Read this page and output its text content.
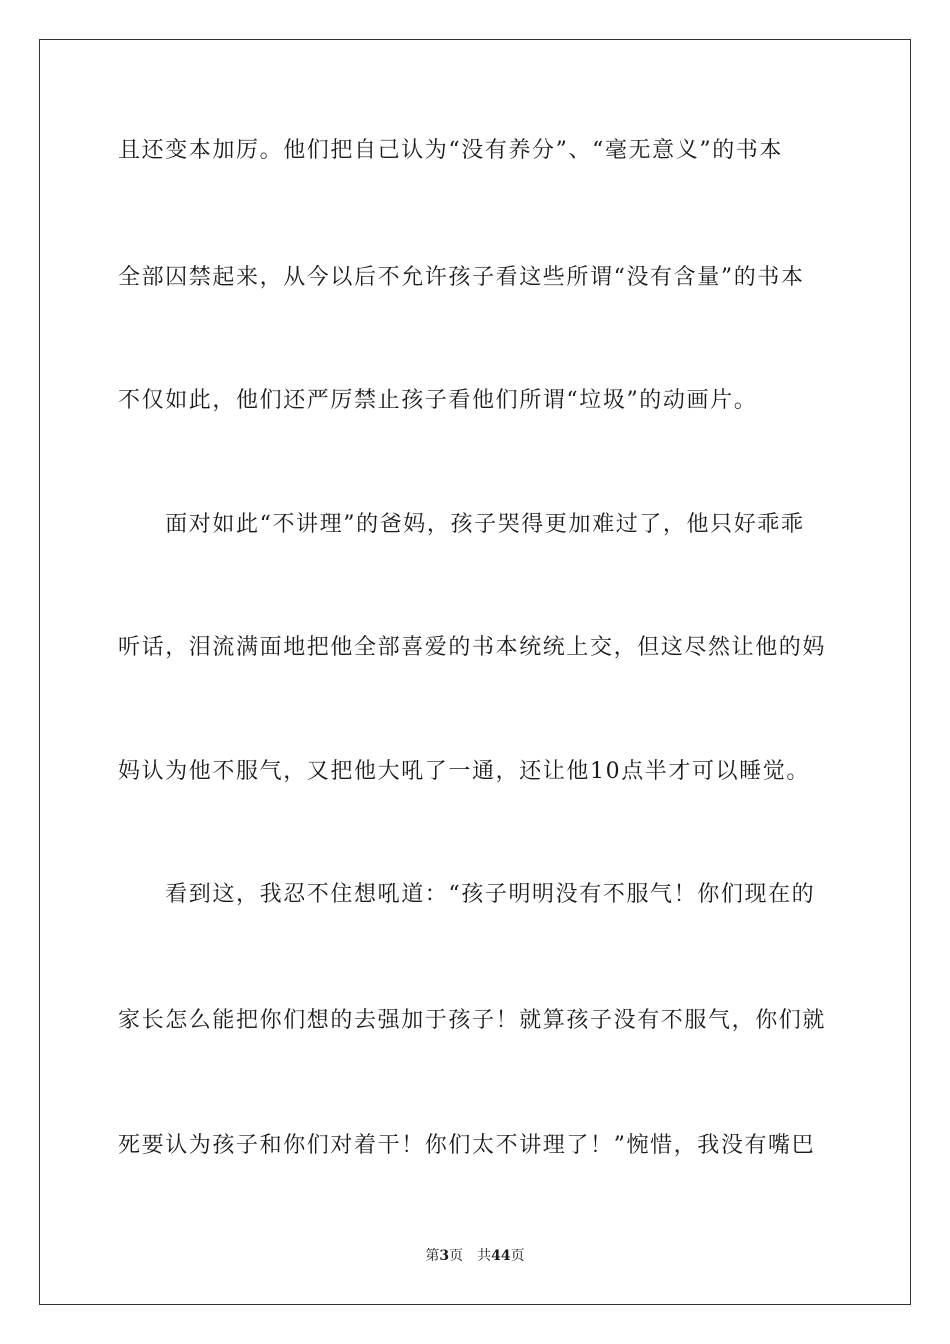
且还变本加厉。他们把自己认为“没有养分”、“毫无意义”的书本
全部囚禁起来，从今以后不允许孩子看这些所谓“没有含量”的书本
不仅如此，他们还严厉禁止孩子看他们所谓“垃圾”的动画片。
　　面对如此“不讲理”的爸妈，孩子哭得更加难过了，他只好乖乖
听话，泪流满面地把他全部喜爱的书本统统上交，但这尽然让他的妈
妈认为他不服气，又把他大吼了一通，还让他10点半才可以睡觉。
　　看到这，我忍不住想吼道：“孩子明明没有不服气！你们现在的
家长怎么能把你们想的去强加于孩子！就算孩子没有不服气，你们就
死要认为孩子和你们对着干！你们太不讲理了！”惋惜，我没有嘴巴
第3页 共44页
